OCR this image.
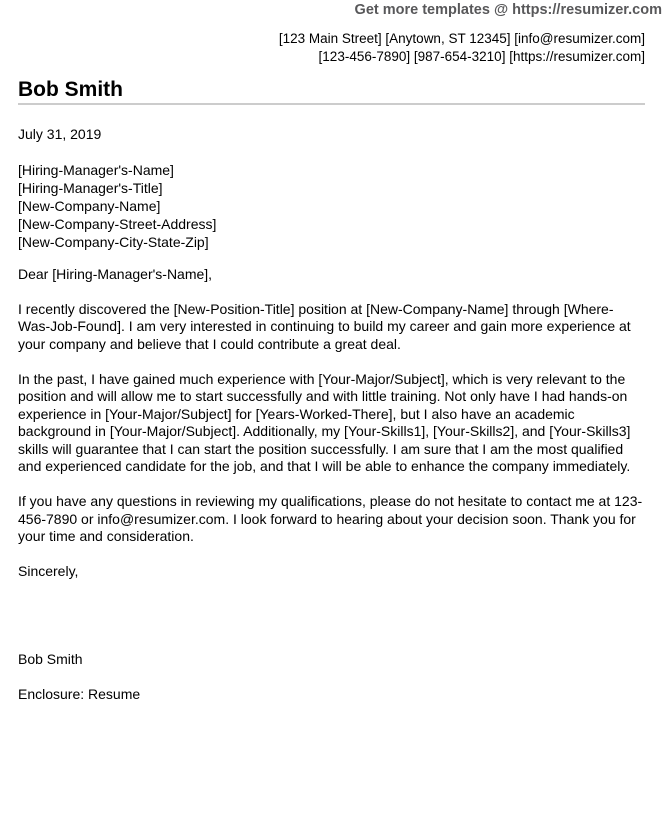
Get more templates @ https://resumizer.com
[123 Main Street] [Anytown, ST 12345] [info@resumizer.com]
[123-456-7890] [987-654-3210] [https://resumizer.com]
Bob Smith
July 31, 2019
[Hiring-Manager's-Name]
[Hiring-Manager's-Title]
[New-Company-Name]
[New-Company-Street-Address]
[New-Company-City-State-Zip]
Dear [Hiring-Manager's-Name],

I recently discovered the [New-Position-Title] position at [New-Company-Name] through [Where-Was-Job-Found]. I am very interested in continuing to build my career and gain more experience at your company and believe that I could contribute a great deal.

In the past, I have gained much experience with [Your-Major/Subject], which is very relevant to the position and will allow me to start successfully and with little training. Not only have I had hands-on experience in [Your-Major/Subject] for [Years-Worked-There], but I also have an academic background in [Your-Major/Subject]. Additionally, my [Your-Skills1], [Your-Skills2], and [Your-Skills3] skills will guarantee that I can start the position successfully. I am sure that I am the most qualified and experienced candidate for the job, and that I will be able to enhance the company immediately.

If you have any questions in reviewing my qualifications, please do not hesitate to contact me at 123-456-7890 or info@resumizer.com. I look forward to hearing about your decision soon. Thank you for your time and consideration.

Sincerely,
Bob Smith
Enclosure: Resume
